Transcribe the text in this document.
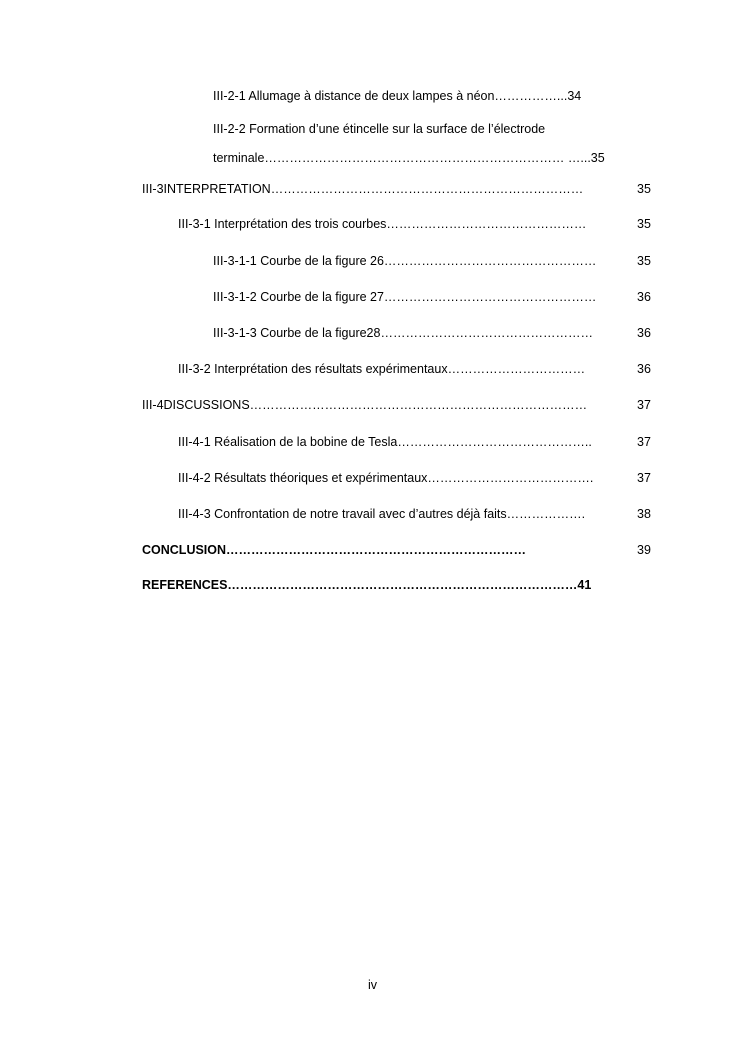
III-2-1 Allumage à distance de deux lampes à néon……………...34
III-2-2 Formation d’une étincelle sur la surface de l’électrode
terminale……………………………………………………………… …...35
III-3INTERPRETATION…………………………………………………………………	35
III-3-1 Interprétation des trois courbes…………………………………………	35
III-3-1-1 Courbe de la figure 26……………………………………………	35
III-3-1-2 Courbe de la figure 27……………………………………………	36
III-3-1-3 Courbe de la figure28……………………………………………	36
III-3-2 Interprétation des résultats expérimentaux……………………………	36
III-4DISCUSSIONS………………………………………………………………………	37
III-4-1 Réalisation de la bobine de Tesla………………………………………..	37
III-4-2 Résultats théoriques et expérimentaux………………………………….	37
III-4-3 Confrontation de notre travail avec d’autres déjà faits……………….	38
CONCLUSION………………………………………………………………	39
REFERENCES…………………………………………………………………………41
iv
